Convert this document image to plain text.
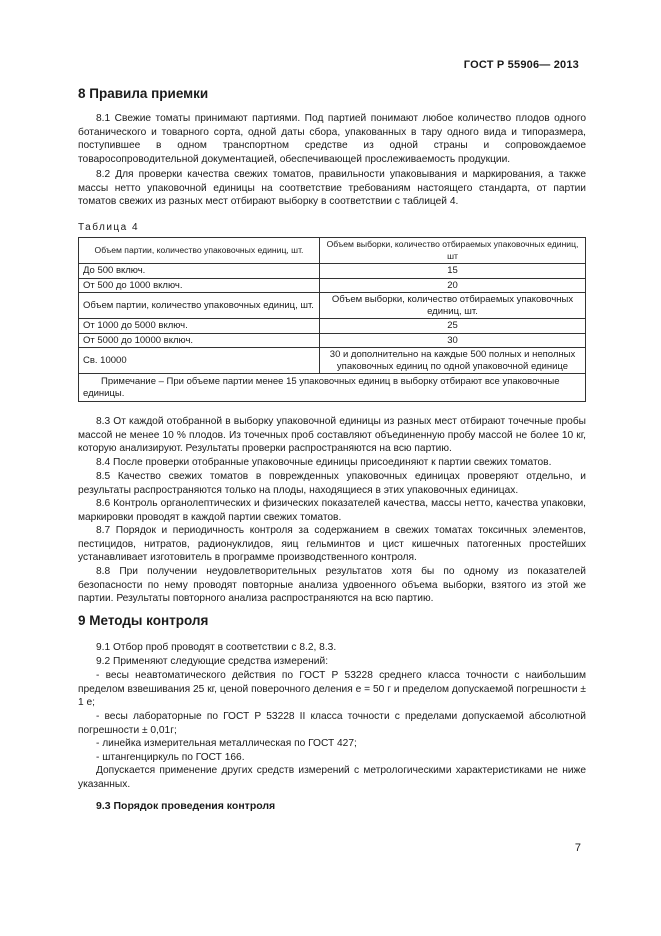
ГОСТ Р 55906— 2013
8 Правила приемки

8.1 Свежие томаты принимают партиями. Под партией понимают любое количество плодов одного ботанического и товарного сорта, одной даты сбора, упакованных в тару одного вида и типоразмера, поступившее в одном транспортном средстве из одной страны и сопровождаемое товаросопроводительной документацией, обеспечивающей прослеживаемость продукции.

8.2 Для проверки качества свежих томатов, правильности упаковывания и маркирования, а также массы нетто упаковочной единицы на соответствие требованиям настоящего стандарта, от партии томатов свежих из разных мест отбирают выборку в соответствии с таблицей 4.

Таблица 4
Объем партии, количество упаковочных единиц, шт.	Объем выборки, количество отбираемых упаковочных единиц, шт
До 500 включ.	15
От 500 до 1000 включ.	20
Объем партии, количество упаковочных единиц, шт.	Объем выборки, количество отбираемых упаковочных единиц, шт.
От 1000 до 5000 включ.	25
От 5000 до 10000 включ.	30
Св. 10000	30 и дополнительно на каждые 500 полных и неполных упаковочных единиц по одной упаковочной единице
Примечание – При объеме партии менее 15 упаковочных единиц в выборку отбирают все упаковочные единицы.	

8.3 От каждой отобранной в выборку упаковочной единицы из разных мест отбирают точечные пробы массой не менее 10 % плодов. Из точечных проб составляют объединенную пробу массой не более 10 кг, которую анализируют. Результаты проверки распространяются на всю партию.

8.4 После проверки отобранные упаковочные единицы присоединяют к партии свежих томатов.

8.5 Качество свежих томатов в поврежденных упаковочных единицах проверяют отдельно, и результаты распространяются только на плоды, находящиеся в этих упаковочных единицах.

8.6 Контроль органолептических и физических показателей качества, массы нетто, качества упаковки, маркировки проводят в каждой партии свежих томатов.

8.7 Порядок и периодичность контроля за содержанием в свежих томатах токсичных элементов, пестицидов, нитратов, радионуклидов, яиц гельминтов и цист кишечных патогенных простейших устанавливает изготовитель в программе производственного контроля.

8.8 При получении неудовлетворительных результатов хотя бы по одному из показателей безопасности по нему проводят повторные анализа удвоенного объема выборки, взятого из этой же партии. Результаты повторного анализа распространяются на всю партию.

9 Методы контроля

9.1 Отбор проб проводят в соответствии с 8.2, 8.3.

9.2 Применяют следующие средства измерений:

- весы неавтоматического действия по ГОСТ Р 53228 среднего класса точности с наибольшим пределом взвешивания 25 кг, ценой поверочного деления e = 50 г и пределом допускаемой погрешности ± 1 e;

- весы лабораторные по ГОСТ Р 53228 II класса точности с пределами допускаемой абсолютной погрешности ± 0,01г;

- линейка измерительная металлическая по ГОСТ 427;

- штангенциркуль по ГОСТ 166.

Допускается применение других средств измерений с метрологическими характеристиками не ниже указанных.

9.3 Порядок проведения контроля
7
